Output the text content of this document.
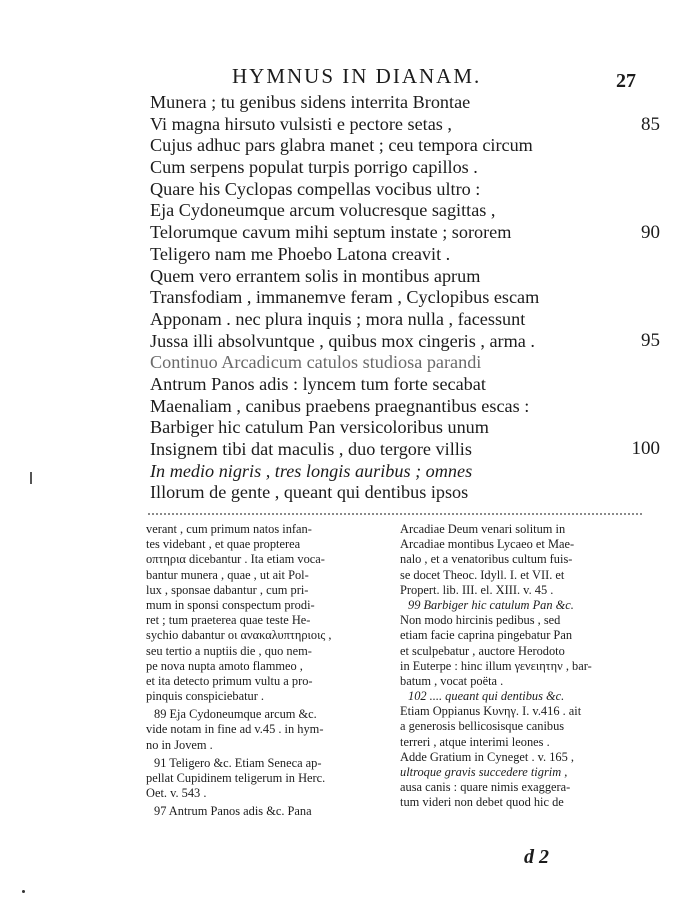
HYMNUS IN DIANAM.	27
Munera ; tu genibus sidens interrita Brontae
Vi magna hirsuto vulsisti e pectore setas ,
Cujus adhuc pars glabra manet ; ceu tempora circum
Cum serpens populat turpis porrigo capillos .
Quare his Cyclopas compellas vocibus ultro :
Eja Cydoneumque arcum volucresque sagittas ,
Telorumque cavum mihi septum instate ; sororem
Teligero nam me Phoebo Latona creavit .
Quem vero errantem solis in montibus aprum
Transfodiam , immanemve feram , Cyclopibus escam
Apponam . nec plura inquis ; mora nulla , facessunt
Jussa illi absolvuntque , quibus mox cingeris , arma .
Continuo Arcadicum catulos studiosa parandi
Antrum Panos adis : lyncem tum forte secabat
Maenaliam , canibus praebens praegnantibus escas :
Barbiger hic catulum Pan versicoloribus unum
Insignem tibi dat maculis , duo tergore villis
In medio nigris , tres longis auribus ; omnes
Illorum de gente , queant qui dentibus ipsos
85
90
95
100
verant , cum primum natos infan-
tes videbant , et quae propterea
οπτηρια dicebantur . Ita etiam voca-
bantur munera , quae , ut ait Pol-
lux , sponsae dabantur , cum pri-
mum in sponsi conspectum prodi-
ret ; tum praeterea quae teste He-
sychio dabantur οι ανακαλυπτηριοις ,
seu tertio a nuptiis die , quo nem-
pe nova nupta amoto flammeo ,
et ita detecto primum vultu a pro-
pinquis conspiciebatur .
89 Eja Cydoneumque arcum &c.
vide notam in fine ad v.45 . in hym-
no in Jovem .
91 Teligero &c. Etiam Seneca ap-
pellat Cupidinem teligerum in Herc.
Oet. v. 543 .
97 Antrum Panos adis &c. Pana
Arcadiae Deum venari solitum in
Arcadiae montibus Lycaeo et Mae-
nalo , et a venatoribus cultum fuis-
se docet Theoc. Idyll. I. et VII. et
Propert. lib. III. el. XIII. v. 45 .
99 Barbiger hic catulum Pan &c.
Non modo hircinis pedibus , sed
etiam facie caprina pingebatur Pan
et sculpebatur , auctore Herodoto
in Euterpe : hinc illum γενειητην , bar-
batum , vocat poëta .
102 .... queant qui dentibus &c.
Etiam Oppianus Κυνηγ. I. v.416 . ait
a generosis bellicosisque canibus
terreri , atque interimi leones .
Adde Gratium in Cyneget . v. 165 ,
ultroque gravis succedere tigrim ,
ausa canis : quare nimis exaggera-
tum videri non debet quod hic de
d 2
